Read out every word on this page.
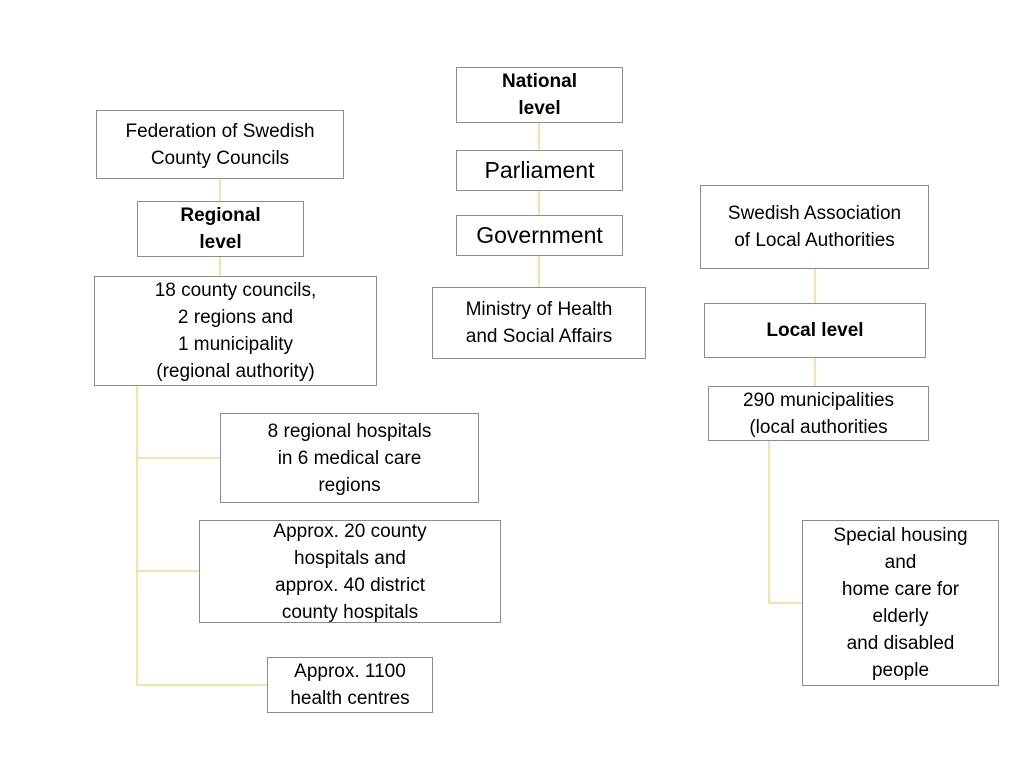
National
level
Parliament
Government
Ministry of Health
and Social Affairs
Federation of Swedish
County Councils
Regional
level
18 county councils,
2 regions and
1 municipality
(regional authority)
8 regional hospitals
in 6 medical care
regions
Approx. 20 county
hospitals and
approx. 40 district
county hospitals
Approx. 1100
health centres
Swedish Association
of Local Authorities
Local level
290 municipalities
(local authorities
Special housing
and
home care for
elderly
and disabled
people
